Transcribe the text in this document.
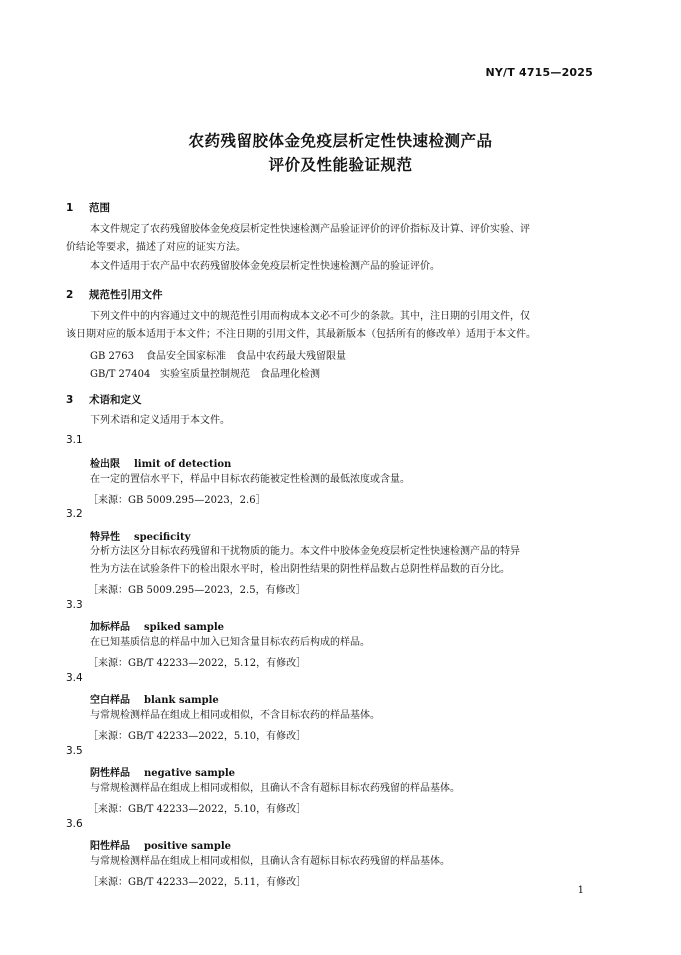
NY/T 4715—2025
农药残留胶体金免疫层析定性快速检测产品
评价及性能验证规范
1 范围
本文件规定了农药残留胶体金免疫层析定性快速检测产品验证评价的评价指标及计算、评价实验、评
价结论等要求，描述了对应的证实方法。
本文件适用于农产品中农药残留胶体金免疫层析定性快速检测产品的验证评价。
2 规范性引用文件
下列文件中的内容通过文中的规范性引用而构成本文必不可少的条款。其中，注日期的引用文件，仅
该日期对应的版本适用于本文件；不注日期的引用文件，其最新版本（包括所有的修改单）适用于本文件。
GB 2763 食品安全国家标准　食品中农药最大残留限量
GB/T 27404 实验室质量控制规范　食品理化检测
3 术语和定义
下列术语和定义适用于本文件。
3.1
检出限 limit of detection
在一定的置信水平下，样品中目标农药能被定性检测的最低浓度或含量。
［来源：GB 5009.295—2023，2.6］
3.2
特异性 specificity
分析方法区分目标农药残留和干扰物质的能力。本文件中胶体金免疫层析定性快速检测产品的特异
性为方法在试验条件下的检出限水平时，检出阴性结果的阴性样品数占总阴性样品数的百分比。
［来源：GB 5009.295—2023，2.5，有修改］
3.3
加标样品 spiked sample
在已知基质信息的样品中加入已知含量目标农药后构成的样品。
［来源：GB/T 42233—2022，5.12，有修改］
3.4
空白样品 blank sample
与常规检测样品在组成上相同或相似，不含目标农药的样品基体。
［来源：GB/T 42233—2022，5.10，有修改］
3.5
阴性样品 negative sample
与常规检测样品在组成上相同或相似，且确认不含有超标目标农药残留的样品基体。
［来源：GB/T 42233—2022，5.10，有修改］
3.6
阳性样品 positive sample
与常规检测样品在组成上相同或相似，且确认含有超标目标农药残留的样品基体。
［来源：GB/T 42233—2022，5.11，有修改］
1
